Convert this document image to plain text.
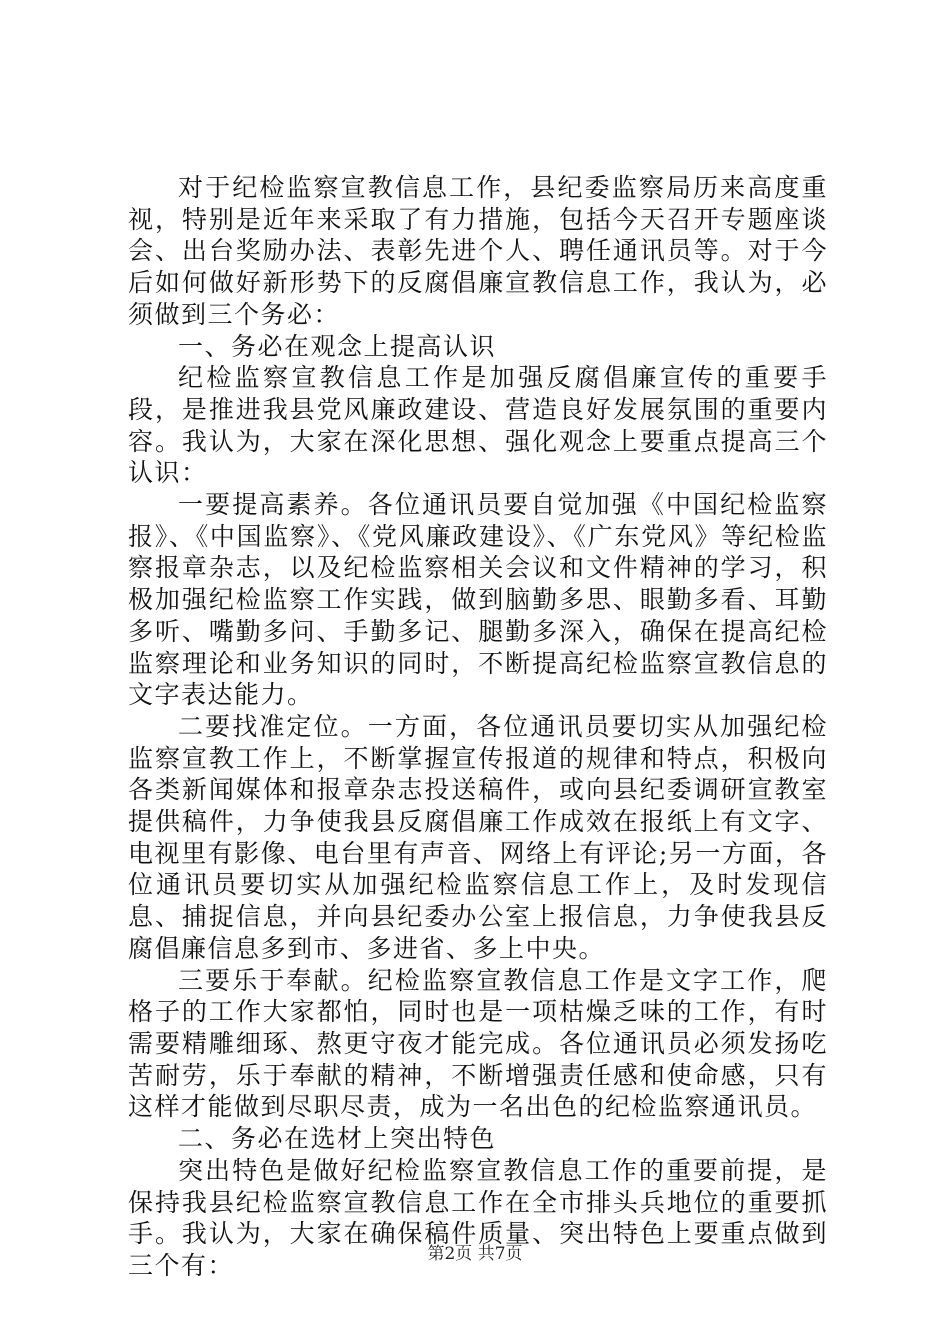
对于纪检监察宣教信息工作，县纪委监察局历来高度重视，特别是近年来采取了有力措施，包括今天召开专题座谈会、出台奖励办法、表彰先进个人、聘任通讯员等。对于今后如何做好新形势下的反腐倡廉宣教信息工作，我认为，必须做到三个务必：

一、务必在观念上提高认识

纪检监察宣教信息工作是加强反腐倡廉宣传的重要手段，是推进我县党风廉政建设、营造良好发展氛围的重要内容。我认为，大家在深化思想、强化观念上要重点提高三个认识：

一要提高素养。各位通讯员要自觉加强《中国纪检监察报》、《中国监察》、《党风廉政建设》、《广东党风》等纪检监察报章杂志，以及纪检监察相关会议和文件精神的学习，积极加强纪检监察工作实践，做到脑勤多思、眼勤多看、耳勤多听、嘴勤多问、手勤多记、腿勤多深入，确保在提高纪检监察理论和业务知识的同时，不断提高纪检监察宣教信息的文字表达能力。

二要找准定位。一方面，各位通讯员要切实从加强纪检监察宣教工作上，不断掌握宣传报道的规律和特点，积极向各类新闻媒体和报章杂志投送稿件，或向县纪委调研宣教室提供稿件，力争使我县反腐倡廉工作成效在报纸上有文字、电视里有影像、电台里有声音、网络上有评论;另一方面，各位通讯员要切实从加强纪检监察信息工作上，及时发现信息、捕捉信息，并向县纪委办公室上报信息，力争使我县反腐倡廉信息多到市、多进省、多上中央。

三要乐于奉献。纪检监察宣教信息工作是文字工作，爬格子的工作大家都怕，同时也是一项枯燥乏味的工作，有时需要精雕细琢、熬更守夜才能完成。各位通讯员必须发扬吃苦耐劳，乐于奉献的精神，不断增强责任感和使命感，只有这样才能做到尽职尽责，成为一名出色的纪检监察通讯员。

二、务必在选材上突出特色

突出特色是做好纪检监察宣教信息工作的重要前提，是保持我县纪检监察宣教信息工作在全市排头兵地位的重要抓手。我认为，大家在确保稿件质量、突出特色上要重点做到三个有：	第2页 共7页
